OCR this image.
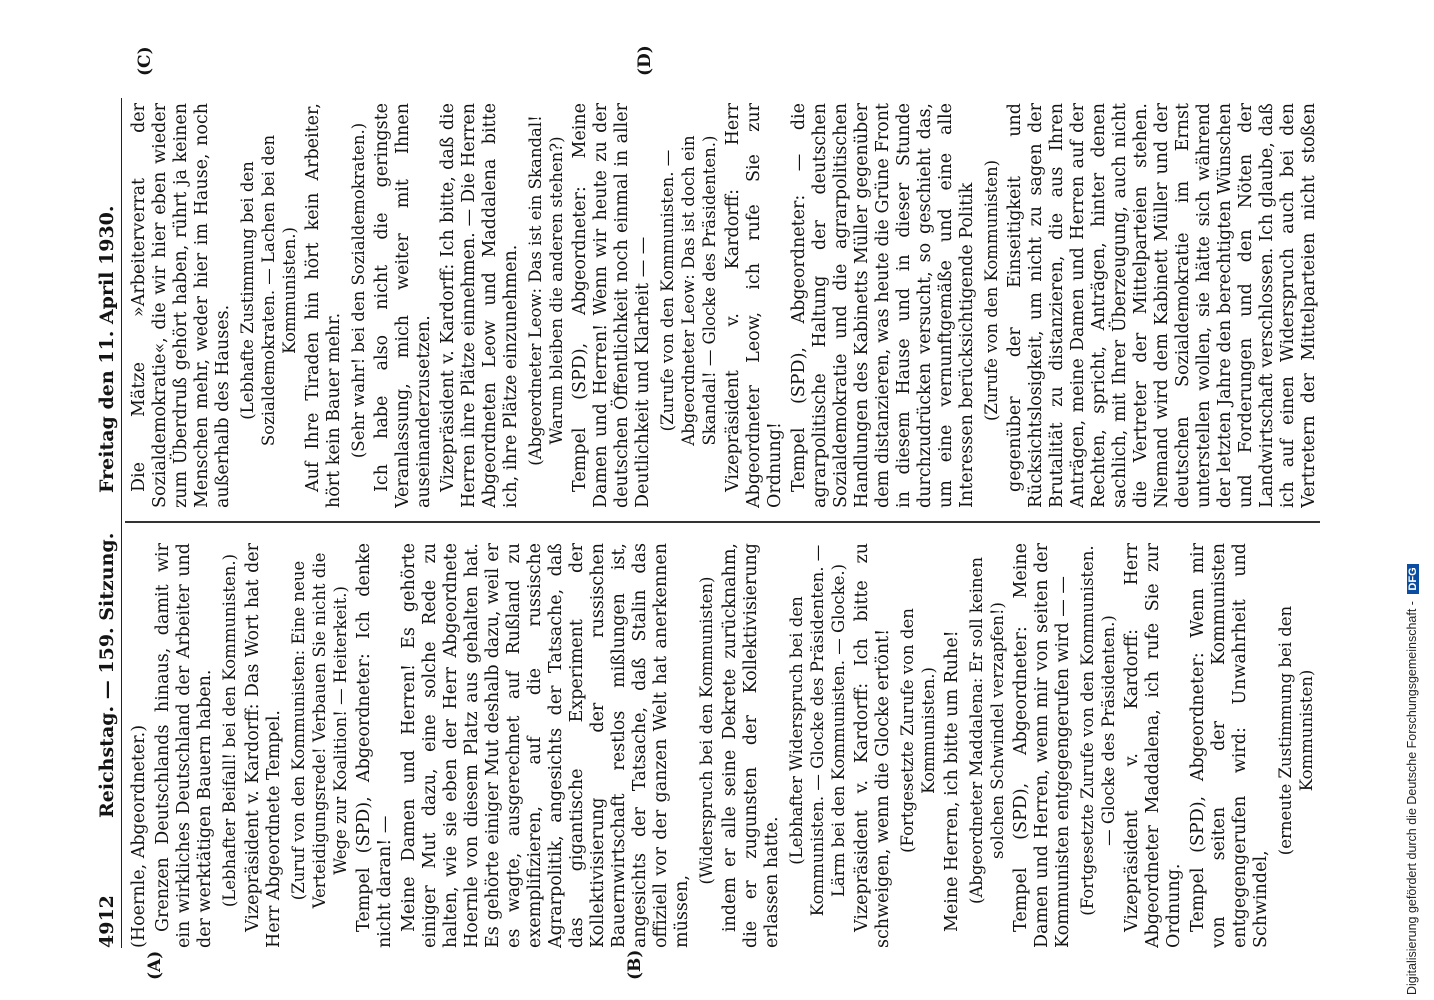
4912
Reichstag. — 159. Sitzung.
Freitag den 11. April 1930.
(A)	(B)
(C)	(D)

(Hoernle, Abgeordneter.) Grenzen Deutschlands hinaus, damit wir ein wirkliches Deutschland der Arbeiter und der werktätigen Bauern haben. (Lebhafter Beifall! bei den Kommunisten.) Vizepräsident v. Kardorff: Das Wort hat der Herr Abgeordnete Tempel. (Zuruf von den Kommunisten: Eine neue Verteidigungsrede! Verbauen Sie nicht die Wege zur Koalition! — Heiterkeit.) Tempel (SPD), Abgeordneter: Ich denke nicht daran! — Meine Damen und Herren! Es gehörte einiger Mut dazu, eine solche Rede zu halten, wie sie eben der Herr Abgeordnete Hoernle von diesem Platz aus gehalten hat. Es gehörte einiger Mut deshalb dazu, weil er es wagte, ausgerechnet auf Rußland zu exemplifizieren, auf die russische Agrarpolitik, angesichts der Tatsache, daß das gigantische Experiment der Kollektivisierung der russischen Bauernwirtschaft restlos mißlungen ist, angesichts der Tatsache, daß Stalin das offiziell vor der ganzen Welt hat anerkennen müssen,

(Widerspruch bei den Kommunisten) indem er alle seine Dekrete zurücknahm, die er zugunsten der Kollektivisierung erlassen hatte.

(Lebhafter Widerspruch bei den Kommunisten. — Glocke des Präsidenten. — Lärm bei den Kommunisten. — Glocke.) Vizepräsident v. Kardorff: Ich bitte zu schweigen, wenn die Glocke ertönt! (Fortgesetzte Zurufe von den Kommunisten.) Meine Herren, ich bitte um Ruhe! (Abgeordneter Maddalena: Er soll keinen solchen Schwindel verzapfen!) Tempel (SPD), Abgeordneter: Meine Damen und Herren, wenn mir von seiten der Kommunisten entgegengerufen wird — — (Fortgesetzte Zurufe von den Kommunisten. — Glocke des Präsidenten.) Vizepräsident v. Kardorff: Herr Abgeordneter Maddalena, ich rufe Sie zur Ordnung. Tempel (SPD), Abgeordneter: Wenn mir von seiten der Kommunisten entgegengerufen wird: Unwahrheit und Schwindel,

(erneute Zustimmung bei den Kommunisten)

Die Mätze »Arbeiterverrat der Sozialdemokratie«, die wir hier eben wieder zum Überdruß gehört haben, rührt ja keinen Menschen mehr, weder hier im Hause, noch außerhalb des Hauses. (Lebhafte Zustimmung bei den Sozialdemokraten. — Lachen bei den Kommunisten.) Auf Ihre Tiraden hin hört kein Arbeiter, hört kein Bauer mehr. (Sehr wahr! bei den Sozialdemokraten.) Ich habe also nicht die geringste Veranlassung, mich weiter mit Ihnen auseinanderzusetzen. Vizepräsident v. Kardorff: Ich bitte, daß die Herren ihre Plätze einnehmen. — Die Herren Abgeordneten Leow und Maddalena bitte ich, ihre Plätze einzunehmen. (Abgeordneter Leow: Das ist ein Skandal! Warum bleiben die anderen stehen?) Tempel (SPD), Abgeordneter: Meine Damen und Herren! Wenn wir heute zu der deutschen Öffentlichkeit noch einmal in aller Deutlichkeit und Klarheit — — (Zurufe von den Kommunisten. — Abgeordneter Leow: Das ist doch ein Skandal! — Glocke des Präsidenten.) Vizepräsident v. Kardorff: Herr Abgeordneter Leow, ich rufe Sie zur Ordnung! Tempel (SPD), Abgeordneter: — die agrarpolitische Haltung der deutschen Sozialdemokratie und die agrarpolitischen Handlungen des Kabinetts Müller gegenüber dem distanzieren, was heute die Grüne Front in diesem Hause und in dieser Stunde durchzudrücken versucht, so geschieht das, um eine vernunftgemäße und eine alle Interessen berücksichtigende Politik (Zurufe von den Kommunisten)

gegenüber der Einseitigkeit und Rücksichtslosigkeit, um nicht zu sagen der Brutalität zu distanzieren, die aus Ihren Anträgen, meine Damen und Herren auf der Rechten, spricht, Anträgen, hinter denen sachlich, mit Ihrer Überzeugung, auch nicht die Vertreter der Mittelparteien stehen. Niemand wird dem Kabinett Müller und der deutschen Sozialdemokratie im Ernst unterstellen wollen, sie hätte sich während der letzten Jahre den berechtigten Wünschen und Forderungen und den Nöten der Landwirtschaft verschlossen. Ich glaube, daß ich auf einen Widerspruch auch bei den Vertretern der Mittelparteien nicht stoßen

Digitalisierung gefördert durch die Deutsche Forschungsgemeinschaft - DFG
